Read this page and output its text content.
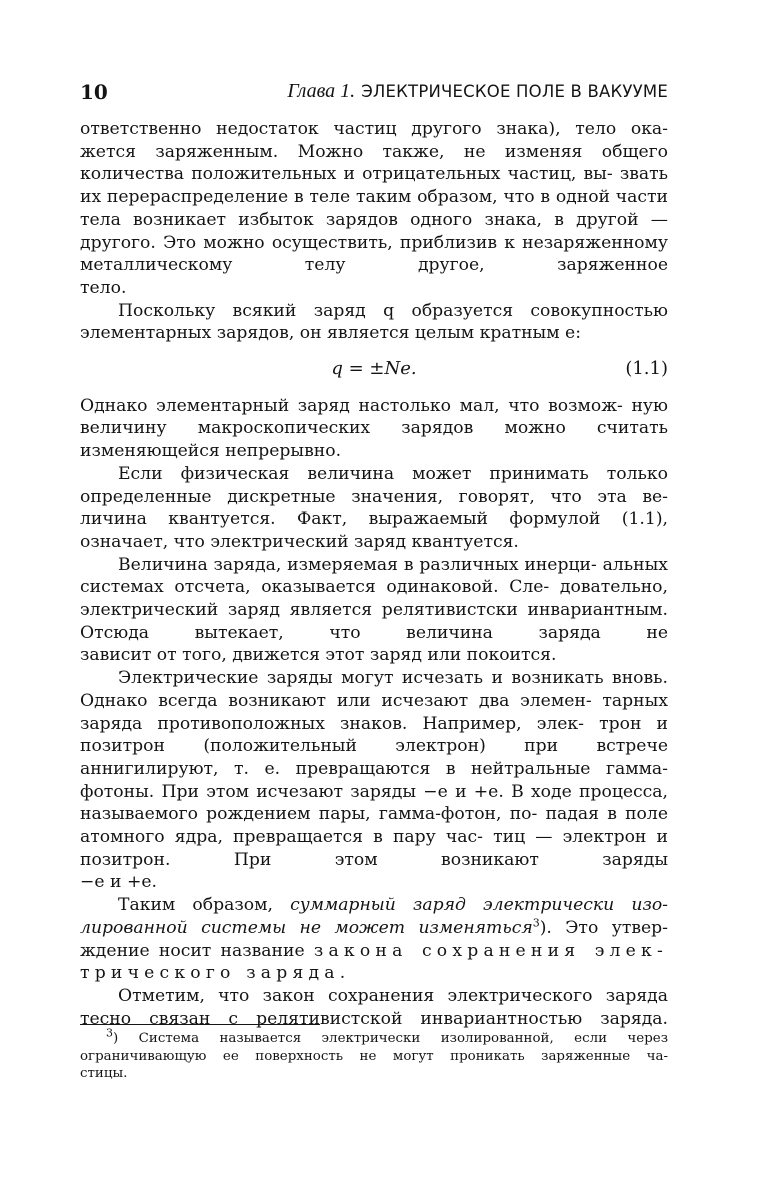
10	Глава 1. ЭЛЕКТРИЧЕСКОЕ ПОЛЕ В ВАКУУМЕ

ответственно недостаток частиц другого знака), тело ока- жется заряженным. Можно также, не изменяя общего количества положительных и отрицательных частиц, вы- звать их перераспределение в теле таким образом, что в одной части тела возникает избыток зарядов одного знака, в другой — другого. Это можно осуществить, приблизив к незаряженному металлическому телу другое, заряженное

тело.

Поскольку всякий заряд q образуется совокупностью

элементарных зарядов, он является целым кратным e:

q = ±Ne.	(1.1)

Однако элементарный заряд настолько мал, что возмож- ную величину макроскопических зарядов можно считать

изменяющейся непрерывно.

Если физическая величина может принимать только определенные дискретные значения, говорят, что эта ве- личина квантуется. Факт, выражаемый формулой (1.1),

означает, что электрический заряд квантуется.

Величина заряда, измеряемая в различных инерци- альных системах отсчета, оказывается одинаковой. Сле- довательно, электрический заряд является релятивистски инвариантным. Отсюда вытекает, что величина заряда не

зависит от того, движется этот заряд или покоится.

Электрические заряды могут исчезать и возникать вновь. Однако всегда возникают или исчезают два элемен- тарных заряда противоположных знаков. Например, элек- трон и позитрон (положительный электрон) при встрече аннигилируют, т. е. превращаются в нейтральные гамма- фотоны. При этом исчезают заряды −e и +e. В ходе процесса, называемого рождением пары, гамма-фотон, по- падая в поле атомного ядра, превращается в пару час- тиц — электрон и позитрон. При этом возникают заряды

−e и +e.

Таким образом, суммарный заряд электрически изо-

лированной системы не может изменяться$^3$). Это утвер-

ждение носит название закона сохранения элек-

трического заряда.

Отметим, что закон сохранения электрического заряда

тесно связан с релятивистской инвариантностью заряда.

$^3$) Система называется электрически изолированной, если через

ограничивающую ее поверхность не могут проникать заряженные ча-

стицы.
